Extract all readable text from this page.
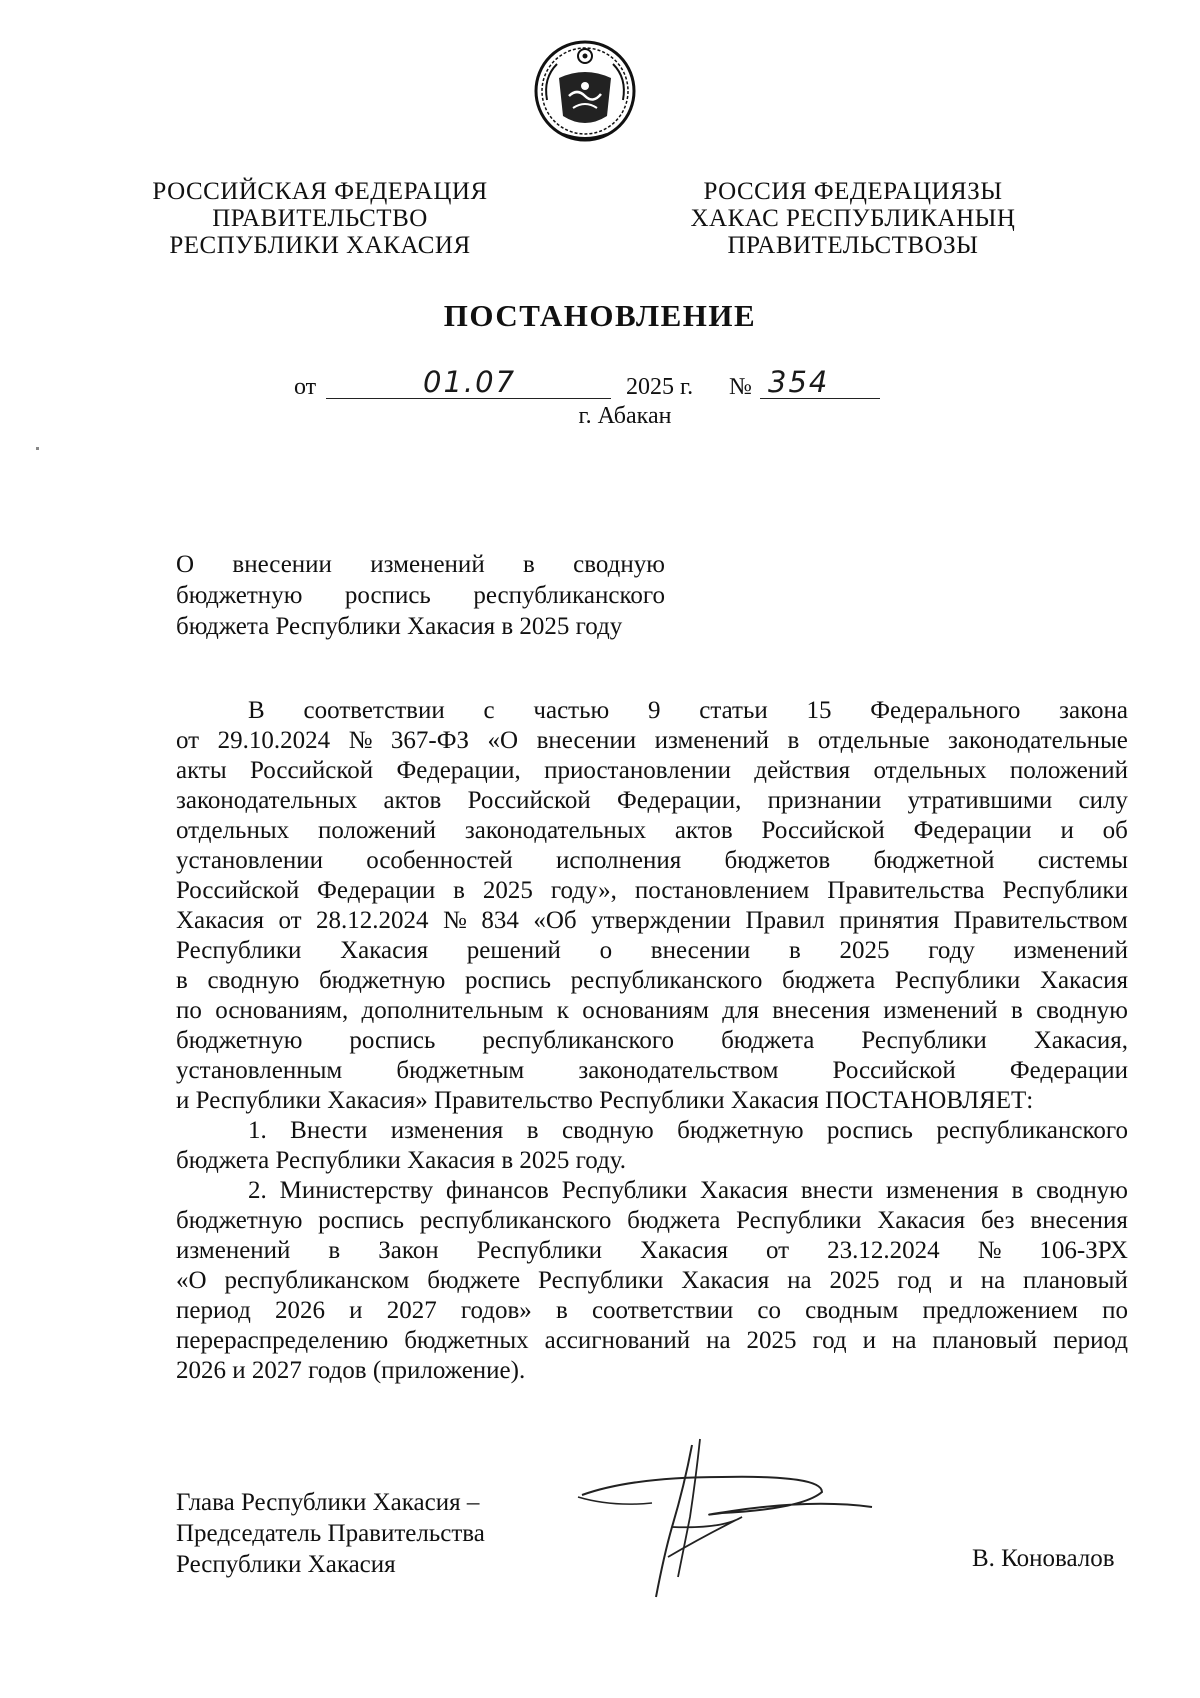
РОССИЙСКАЯ ФЕДЕРАЦИЯ
ПРАВИТЕЛЬСТВО
РЕСПУБЛИКИ ХАКАСИЯ
РОССИЯ ФЕДЕРАЦИЯЗЫ
ХАКАС РЕСПУБЛИКАНЫҢ
ПРАВИТЕЛЬСТВОЗЫ
ПОСТАНОВЛЕНИЕ
от	01.07	2025 г. № 354
г. Абакан
О внесении изменений в сводную
бюджетную роспись республиканского
бюджета Республики Хакасия в 2025 году
В соответствии с частью 9 статьи 15 Федерального закона
от 29.10.2024 № 367-ФЗ «О внесении изменений в отдельные законодательные
акты Российской Федерации, приостановлении действия отдельных положений
законодательных актов Российской Федерации, признании утратившими силу
отдельных положений законодательных актов Российской Федерации и об
установлении особенностей исполнения бюджетов бюджетной системы
Российской Федерации в 2025 году», постановлением Правительства Республики
Хакасия от 28.12.2024 № 834 «Об утверждении Правил принятия Правительством
Республики Хакасия решений о внесении в 2025 году изменений
в сводную бюджетную роспись республиканского бюджета Республики Хакасия
по основаниям, дополнительным к основаниям для внесения изменений в сводную
бюджетную роспись республиканского бюджета Республики Хакасия,
установленным бюджетным законодательством Российской Федерации
и Республики Хакасия» Правительство Республики Хакасия ПОСТАНОВЛЯЕТ:
1. Внести изменения в сводную бюджетную роспись республиканского
бюджета Республики Хакасия в 2025 году.
2. Министерству финансов Республики Хакасия внести изменения в сводную
бюджетную роспись республиканского бюджета Республики Хакасия без внесения
изменений в Закон Республики Хакасия от 23.12.2024 № 106-ЗРХ
«О республиканском бюджете Республики Хакасия на 2025 год и на плановый
период 2026 и 2027 годов» в соответствии со сводным предложением по
перераспределению бюджетных ассигнований на 2025 год и на плановый период
2026 и 2027 годов (приложение).
Глава Республики Хакасия –
Председатель Правительства
Республики Хакасия	В. Коновалов
